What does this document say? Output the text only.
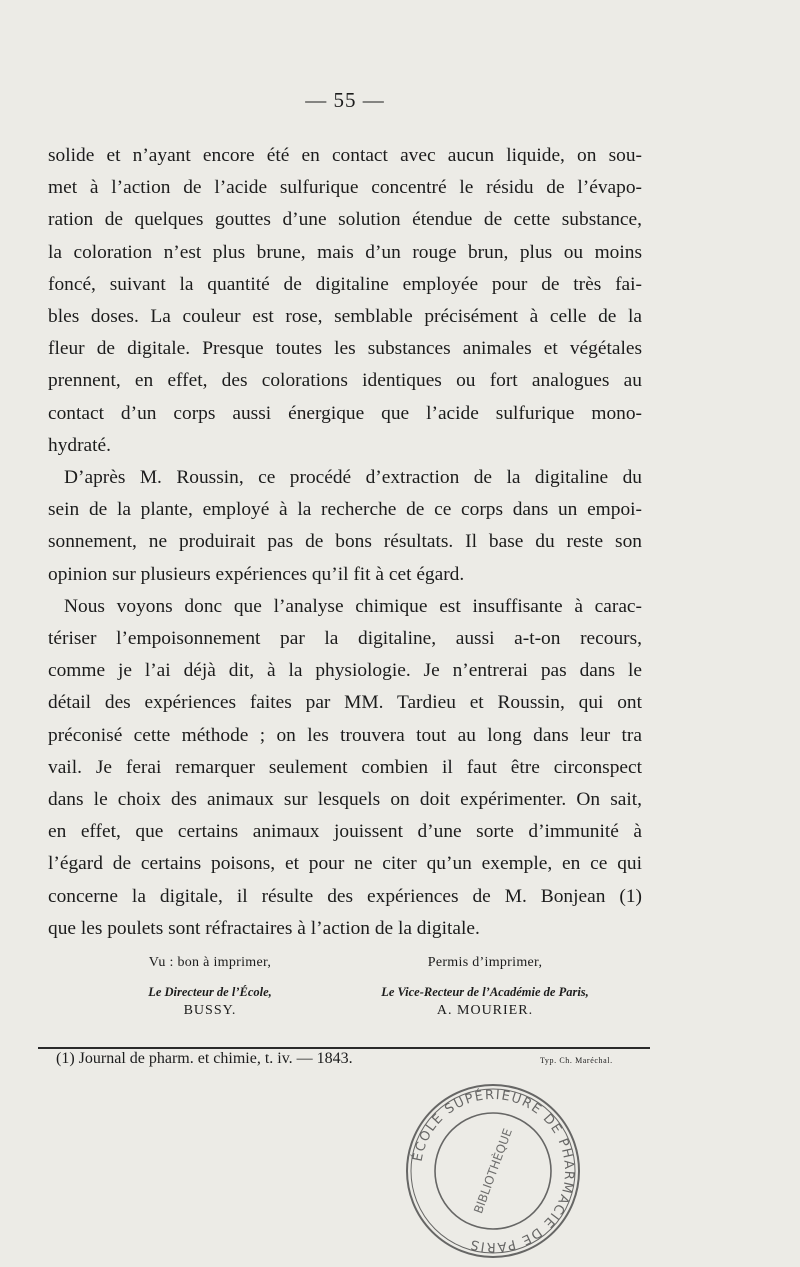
— 55 —
solide et n’ayant encore été en contact avec aucun liquide, on sou-
met à l’action de l’acide sulfurique concentré le résidu de l’évapo-
ration de quelques gouttes d’une solution étendue de cette substance,
la coloration n’est plus brune, mais d’un rouge brun, plus ou moins
foncé, suivant la quantité de digitaline employée pour de très fai-
bles doses. La couleur est rose, semblable précisément à celle de la
fleur de digitale. Presque toutes les substances animales et végétales
prennent, en effet, des colorations identiques ou fort analogues au
contact d’un corps aussi énergique que l’acide sulfurique mono-
hydraté.
D’après M. Roussin, ce procédé d’extraction de la digitaline du
sein de la plante, employé à la recherche de ce corps dans un empoi-
sonnement, ne produirait pas de bons résultats. Il base du reste son
opinion sur plusieurs expériences qu’il fit à cet égard.
Nous voyons donc que l’analyse chimique est insuffisante à carac-
tériser l’empoisonnement par la digitaline, aussi a-t-on recours,
comme je l’ai déjà dit, à la physiologie. Je n’entrerai pas dans le
détail des expériences faites par MM. Tardieu et Roussin, qui ont
préconisé cette méthode ; on les trouvera tout au long dans leur tra
vail. Je ferai remarquer seulement combien il faut être circonspect
dans le choix des animaux sur lesquels on doit expérimenter. On sait,
en effet, que certains animaux jouissent d’une sorte d’immunité à
l’égard de certains poisons, et pour ne citer qu’un exemple, en ce qui
concerne la digitale, il résulte des expériences de M. Bonjean (1)
que les poulets sont réfractaires à l’action de la digitale.
Vu : bon à imprimer,
Le Directeur de l’École,
BUSSY.
Permis d’imprimer,
Le Vice-Recteur de l’Académie de Paris,
A. MOURIER.
(1) Journal de pharm. et chimie, t. iv. — 1843.	Typ. Ch. Maréchal.
ÉCOLE SUPÉRIEURE DE PHARMACIE DE PARIS
BIBLIOTHÈQUE
